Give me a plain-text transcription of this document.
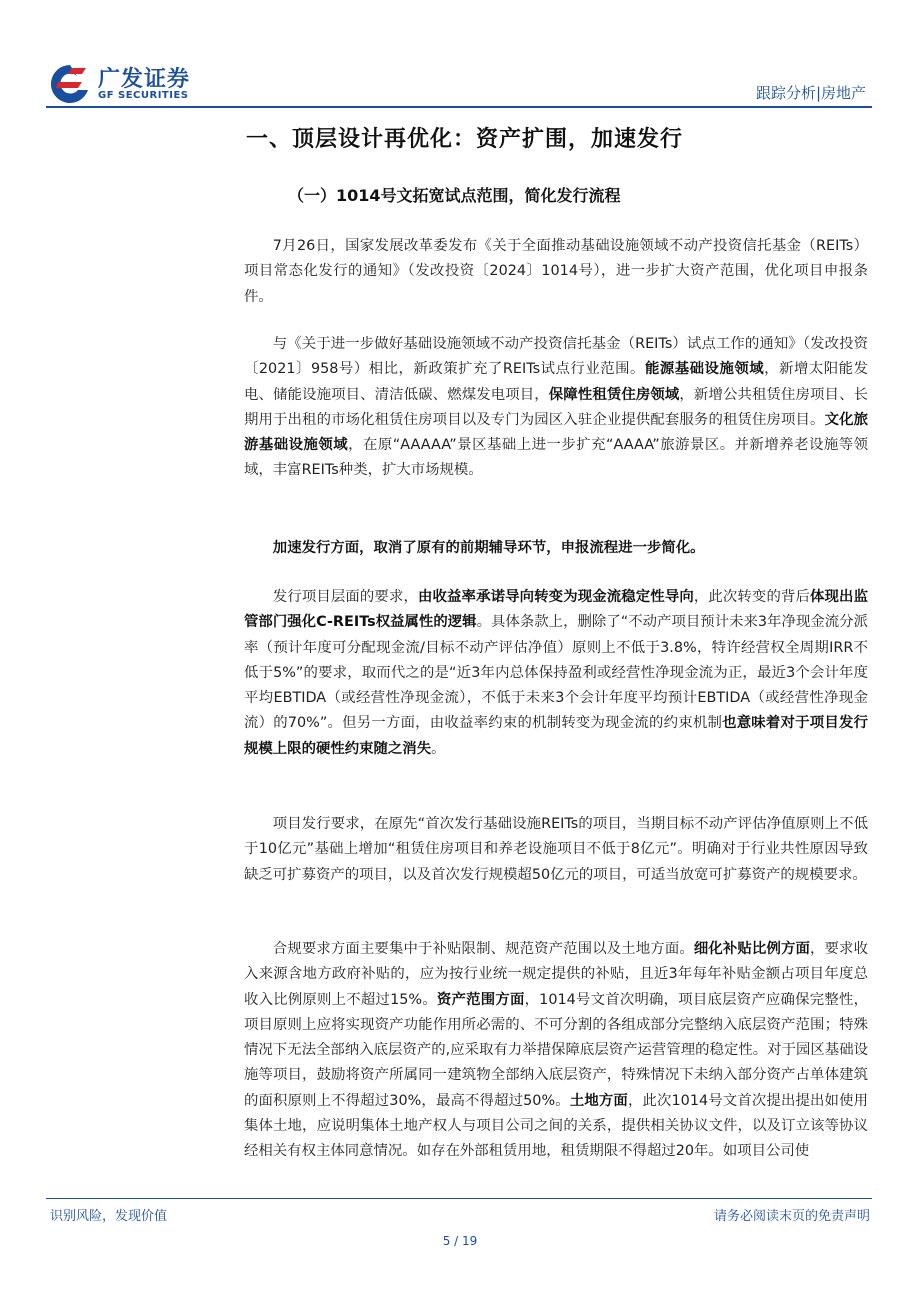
广发证券
GF SECURITIES	跟踪分析|房地产
一、顶层设计再优化：资产扩围，加速发行
（一）1014号文拓宽试点范围，简化发行流程

7月26日，国家发展改革委发布《关于全面推动基础设施领域不动产投资信托基金（REITs）项目常态化发行的通知》（发改投资〔2024〕1014号），进一步扩大资产范围，优化项目申报条件。

与《关于进一步做好基础设施领域不动产投资信托基金（REITs）试点工作的通知》（发改投资〔2021〕958号）相比，新政策扩充了REITs试点行业范围。能源基础设施领域，新增太阳能发电、储能设施项目、清洁低碳、燃煤发电项目，保障性租赁住房领域，新增公共租赁住房项目、长期用于出租的市场化租赁住房项目以及专门为园区入驻企业提供配套服务的租赁住房项目。文化旅游基础设施领域，在原“AAAAA”景区基础上进一步扩充“AAAA”旅游景区。并新增养老设施等领域，丰富REITs种类，扩大市场规模。

加速发行方面，取消了原有的前期辅导环节，申报流程进一步简化。

发行项目层面的要求，由收益率承诺导向转变为现金流稳定性导向，此次转变的背后体现出监管部门强化C-REITs权益属性的逻辑。具体条款上，删除了“不动产项目预计未来3年净现金流分派率（预计年度可分配现金流/目标不动产评估净值）原则上不低于3.8%，特许经营权全周期IRR不低于5%”的要求，取而代之的是“近3年内总体保持盈利或经营性净现金流为正，最近3个会计年度平均EBTIDA（或经营性净现金流），不低于未来3个会计年度平均预计EBTIDA（或经营性净现金流）的70%”。但另一方面，由收益率约束的机制转变为现金流的约束机制也意味着对于项目发行规模上限的硬性约束随之消失。

项目发行要求，在原先“首次发行基础设施REITs的项目，当期目标不动产评估净值原则上不低于10亿元”基础上增加“租赁住房项目和养老设施项目不低于8亿元”。明确对于行业共性原因导致缺乏可扩募资产的项目，以及首次发行规模超50亿元的项目，可适当放宽可扩募资产的规模要求。

合规要求方面主要集中于补贴限制、规范资产范围以及土地方面。细化补贴比例方面，要求收入来源含地方政府补贴的，应为按行业统一规定提供的补贴，且近3年每年补贴金额占项目年度总收入比例原则上不超过15%。资产范围方面，1014号文首次明确，项目底层资产应确保完整性，项目原则上应将实现资产功能作用所必需的、不可分割的各组成部分完整纳入底层资产范围；特殊情况下无法全部纳入底层资产的,应采取有力举措保障底层资产运营管理的稳定性。对于园区基础设施等项目，鼓励将资产所属同一建筑物全部纳入底层资产，特殊情况下未纳入部分资产占单体建筑的面积原则上不得超过30%，最高不得超过50%。土地方面，此次1014号文首次提出提出如使用集体土地，应说明集体土地产权人与项目公司之间的关系，提供相关协议文件，以及订立该等协议经相关有权主体同意情况。如存在外部租赁用地，租赁期限不得超过20年。如项目公司使

识别风险，发现价值	请务必阅读末页的免责声明
5 / 19
